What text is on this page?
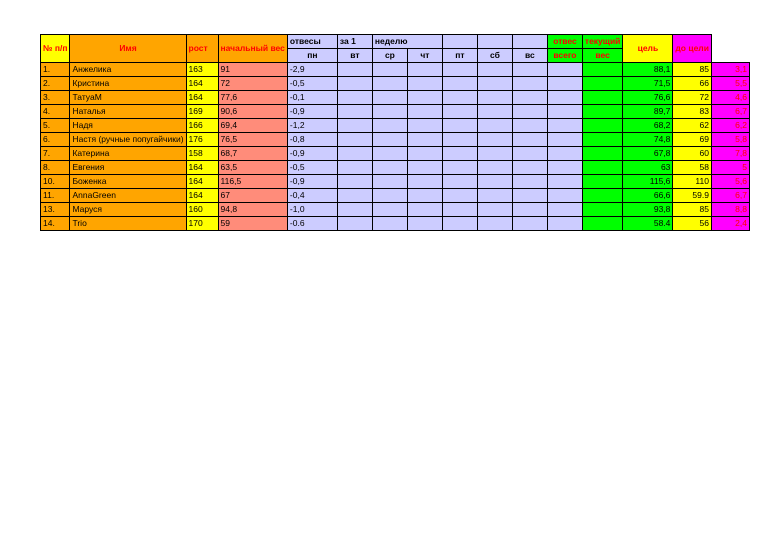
№ п/п	Имя	рост	начальный вес	отвесы	за 1	неделю					отвес	текущий	цель	до цели	
				пн	вт	ср	чт	пт	сб	вс	всего	вес			
1.	Анжелика	163	91	-2,9									88,1	85	3,1
2.	Кристина	164	72	-0,5									71,5	66	5,5
3.	ТатуаМ	164	77,6	-0,1									76,6	72	4,6
4.	Наталья	169	90,6	-0,9									89,7	83	6,7
5.	Надя	166	69,4	-1,2									68,2	62	6,2
6.	Настя (ручные попугайчики)	176	76,5	-0,8									74,8	69	5,8
7.	Катерина	158	68,7	-0,9									67,8	60	7,8
8.	Евгения	164	63,5	-0,5									63	58	5
10.	Боженка	164	116,5	-0,9									115,6	110	5,6
11.	AnnaGreen	164	67	-0,4									66,6	59.9	6,7
13.	Маруся	160	94,8	-1,0									93,8	85	8,8
14.	Trio	170	59	-0.6									58.4	56	2,4
